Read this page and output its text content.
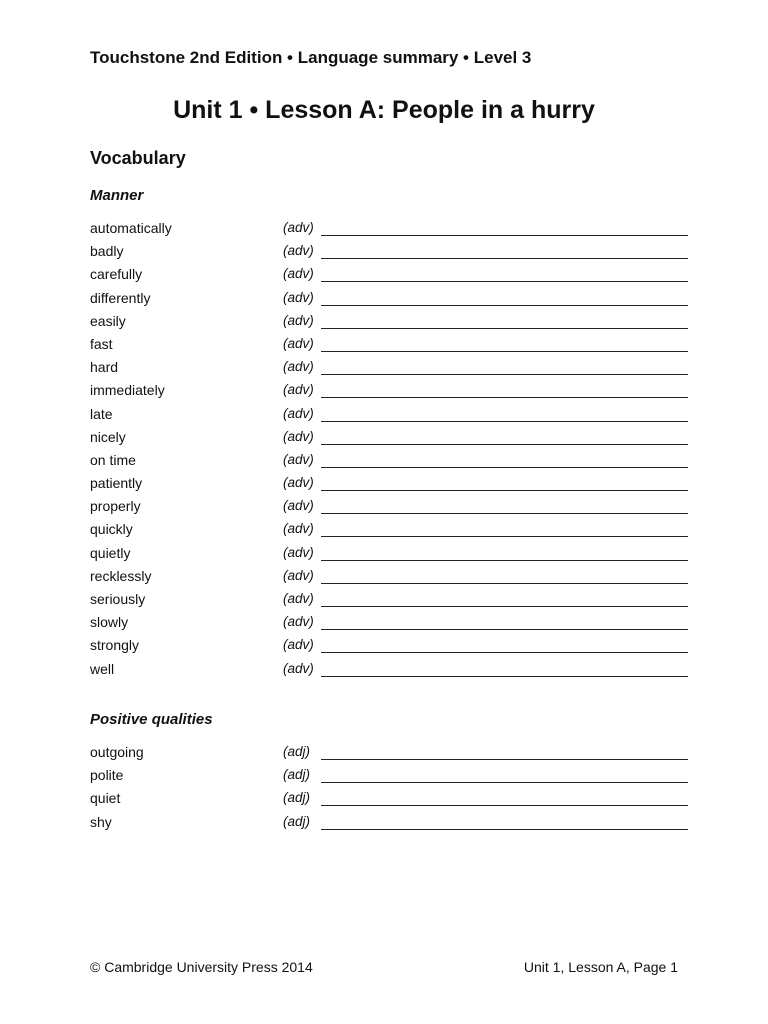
Touchstone 2nd Edition • Language summary • Level 3
Unit 1 • Lesson A: People in a hurry
Vocabulary
Manner
automatically	(adv)
badly	(adv)
carefully	(adv)
differently	(adv)
easily	(adv)
fast	(adv)
hard	(adv)
immediately	(adv)
late	(adv)
nicely	(adv)
on time	(adv)
patiently	(adv)
properly	(adv)
quickly	(adv)
quietly	(adv)
recklessly	(adv)
seriously	(adv)
slowly	(adv)
strongly	(adv)
well	(adv)
Positive qualities
outgoing	(adj)
polite	(adj)
quiet	(adj)
shy	(adj)
© Cambridge University Press 2014	Unit 1, Lesson A, Page 1
